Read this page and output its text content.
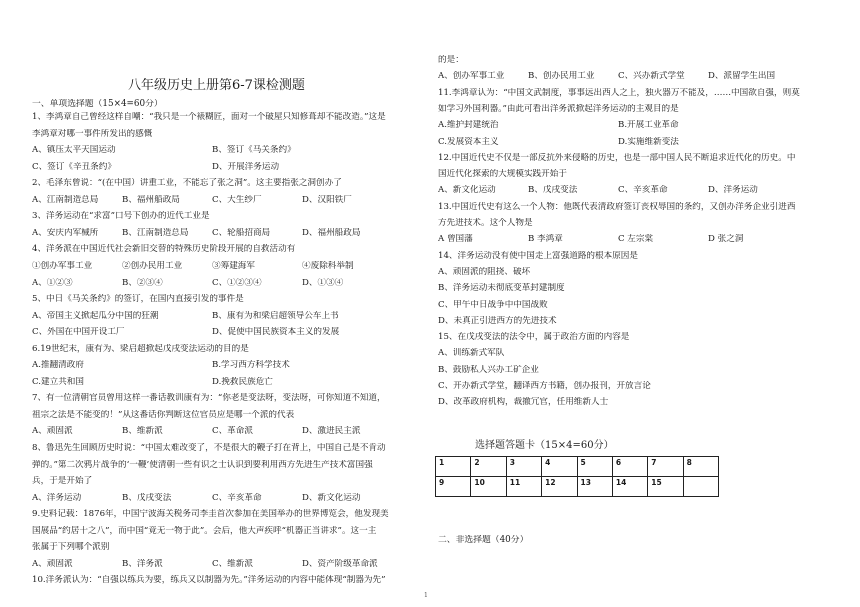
八年级历史上册第6-7课检测题
一、单项选择题（15×4=60分）
1、李鸿章自己曾经这样自嘲：“我只是一个裱糊匠，面对一个破屋只知修葺却不能改造。”这是
李鸿章对哪一事件所发出的感慨
A、镇压太平天国运动	B、签订《马关条约》
C、签订《辛丑条约》	D、开展洋务运动
2、毛泽东曾说：“(在中国）讲重工业，不能忘了张之洞”。这主要指张之洞创办了
A、江南制造总局	B、福州船政局	C、大生纱厂	D、汉阳铁厂
3、洋务运动在“求富”口号下创办的近代工业是
A、安庆内军械所	B、江南制造总局	C、轮船招商局	D、福州船政局
4、洋务派在中国近代社会新旧交替的特殊历史阶段开展的自救活动有
①创办军事工业	②创办民用工业	③筹建海军	④废除科举制
A、①②③	B、②③④	C、①②③④	D、①③④
5、中日《马关条约》的签订，在国内直接引发的事件是
A、帝国主义掀起瓜分中国的狂潮	B、康有为和梁启超领导公车上书
C、外国在中国开设工厂	D、促使中国民族资本主义的发展
6.19世纪末，康有为、梁启超掀起戊戌变法运动的目的是
A.推翻清政府	B.学习西方科学技术
C.建立共和国	D.挽救民族危亡
7、有一位清朝官员曾用这样一番话教训康有为：“你老是变法呀，变法呀，可你知道不知道，
祖宗之法是不能变的！”从这番话你判断这位官员应是哪一个派的代表
A、顽固派	B、维新派	C、革命派	D、激进民主派
8、鲁迅先生回顾历史时说：“中国太难改变了，不是很大的鞭子打在背上，中国自己是不肯动
弹的。”第二次鸦片战争的‘一鞭’使清朝一些有识之士认识到要利用西方先进生产技术富国强
兵，于是开始了
A、洋务运动	B、戊戌变法	C、辛亥革命	D、新文化运动
9.史料记载：1876年，中国宁波海关税务司李圭首次参加在美国举办的世界博览会，他发现美
国展品“约居十之八”，而中国“竟无一物于此”。会后，他大声疾呼“机器正当讲求”。这一主
张属于下列哪个派别
A、顽固派	B、洋务派	C、维新派	D、资产阶级革命派
10.洋务派认为：“自强以练兵为要，练兵又以制器为先。”洋务运动的内容中能体现“制器为先”
的是：
A、创办军事工业	B、创办民用工业	C、兴办新式学堂	D、派留学生出国
11.李鸿章认为：“中国文武制度，事事远出西人之上，独火器万不能及，……中国欲自强，则莫
如学习外国利器。”由此可看出洋务派掀起洋务运动的主观目的是
A.维护封建统治	B.开展工业革命
C.发展资本主义	D.实施维新变法
12.中国近代史不仅是一部反抗外来侵略的历史，也是一部中国人民不断追求近代化的历史。中
国近代化探索的大规模实践开始于
A、新文化运动	B、戊戌变法	C、辛亥革命	D、洋务运动
13.中国近代史有这么一个人物：他既代表清政府签订丧权辱国的条约，又创办洋务企业引进西
方先进技术。这个人物是
A 曾国藩	B 李鸿章	C 左宗棠	D 张之洞
14、洋务运动没有使中国走上富强道路的根本原因是
A、顽固派的阻挠、破坏
B、洋务运动未彻底变革封建制度
C、甲午中日战争中中国战败
D、未真正引进西方的先进技术
15、在戊戌变法的法令中，属于政治方面的内容是
A、训练新式军队
B、鼓励私人兴办工矿企业
C、开办新式学堂，翻译西方书籍，创办报刊，开放言论
D、改革政府机构，裁撤冗官，任用维新人士
选择题答题卡（15×4=60分）
1	2	3	4	5	6	7	8
9	10	11	12	13	14	15	
二、非选择题（40分）
1
